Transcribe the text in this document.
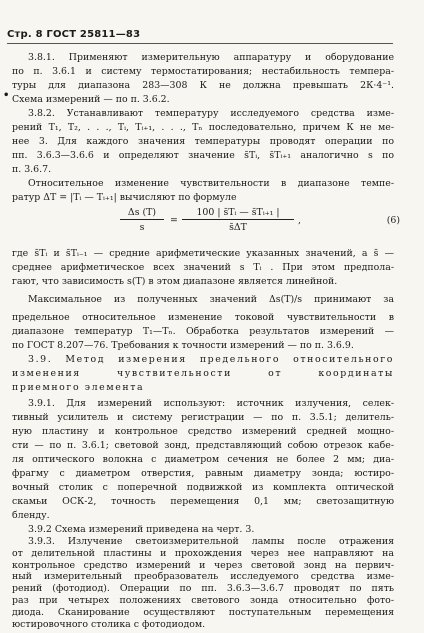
Стр. 8 ГОСТ 25811—83
•
3.8.1. Применяют измерительную аппаратуру и оборудование
по п. 3.6.1 и систему термостатирования; нестабильность темпера-
туры для диапазона 283—308 К не должна превышать 2К·4⁻¹.
Схема измерений — по п. 3.6.2.
3.8.2. Устанавливают температуру исследуемого средства изме-
рений T₁, T₂, . . ., Tᵢ, Tᵢ₊₁, . . ., Tₙ последовательно, причем К не ме-
нее 3. Для каждого значения температуры проводят операции по
пп. 3.6.3—3.6.6 и определяют значение s̄Tᵢ, s̄Tᵢ₊₁ аналогично s по
п. 3.6.7.
Относительное изменение чувствительности в диапазоне темпе-
ратур ΔT = |Tᵢ — Tᵢ₊₁| вычисляют по формуле
$\frac{\Delta s (T)}{s} = \frac{\text{100 | s̄Tᵢ — s̄Tᵢ₊₁ |}}{s̄\Delta T}$ ,	(6)
где s̄Tᵢ и s̄Tᵢ₋₁ — средние арифметические указанных значений, а s̄ —
среднее арифметическое всех значений s Tᵢ . При этом предпола-
гают, что зависимость s(T) в этом диапазоне является линейной.
Максимальное из полученных значений Δs(T)/s принимают за
предельное относительное изменение токовой чувствительности в
диапазоне температур T₁—Tₙ. Обработка результатов измерений —
по ГОСТ 8.207—76. Требования к точности измерений — по п. 3.6.9.
3.9. Метод измерения предельного относительного
изменения чувствительности от координаты
приемного элемента
3.9.1. Для измерений используют: источник излучения, селек-
тивный усилитель и систему регистрации — по п. 3.5.1; делитель-
ную пластину и контрольное средство измерений средней мощно-
сти — по п. 3.6.1; световой зонд, представляющий собою отрезок кабе-
ля оптического волокна с диаметром сечения не более 2 мм; диа-
фрагму с диаметром отверстия, равным диаметру зонда; юстиро-
вочный столик с поперечной подвижкой из комплекта оптической
скамьи ОСК-2, точность перемещения 0,1 мм; светозащитную
бленду.
3.9.2 Схема измерений приведена на черт. 3.
3.9.3. Излучение светоизмерительной лампы после отражения
от делительной пластины и прохождения через нее направляют на
контрольное средство измерений и через световой зонд на первич-
ный измерительный преобразователь исследуемого средства изме-
рений (фотодиод). Операции по пп. 3.6.3—3.6.7 проводят по пять
раз при четырех положениях светового зонда относительно фото-
диода. Сканирование осуществляют поступательным перемещения
юстировочного столика с фотодиодом.
